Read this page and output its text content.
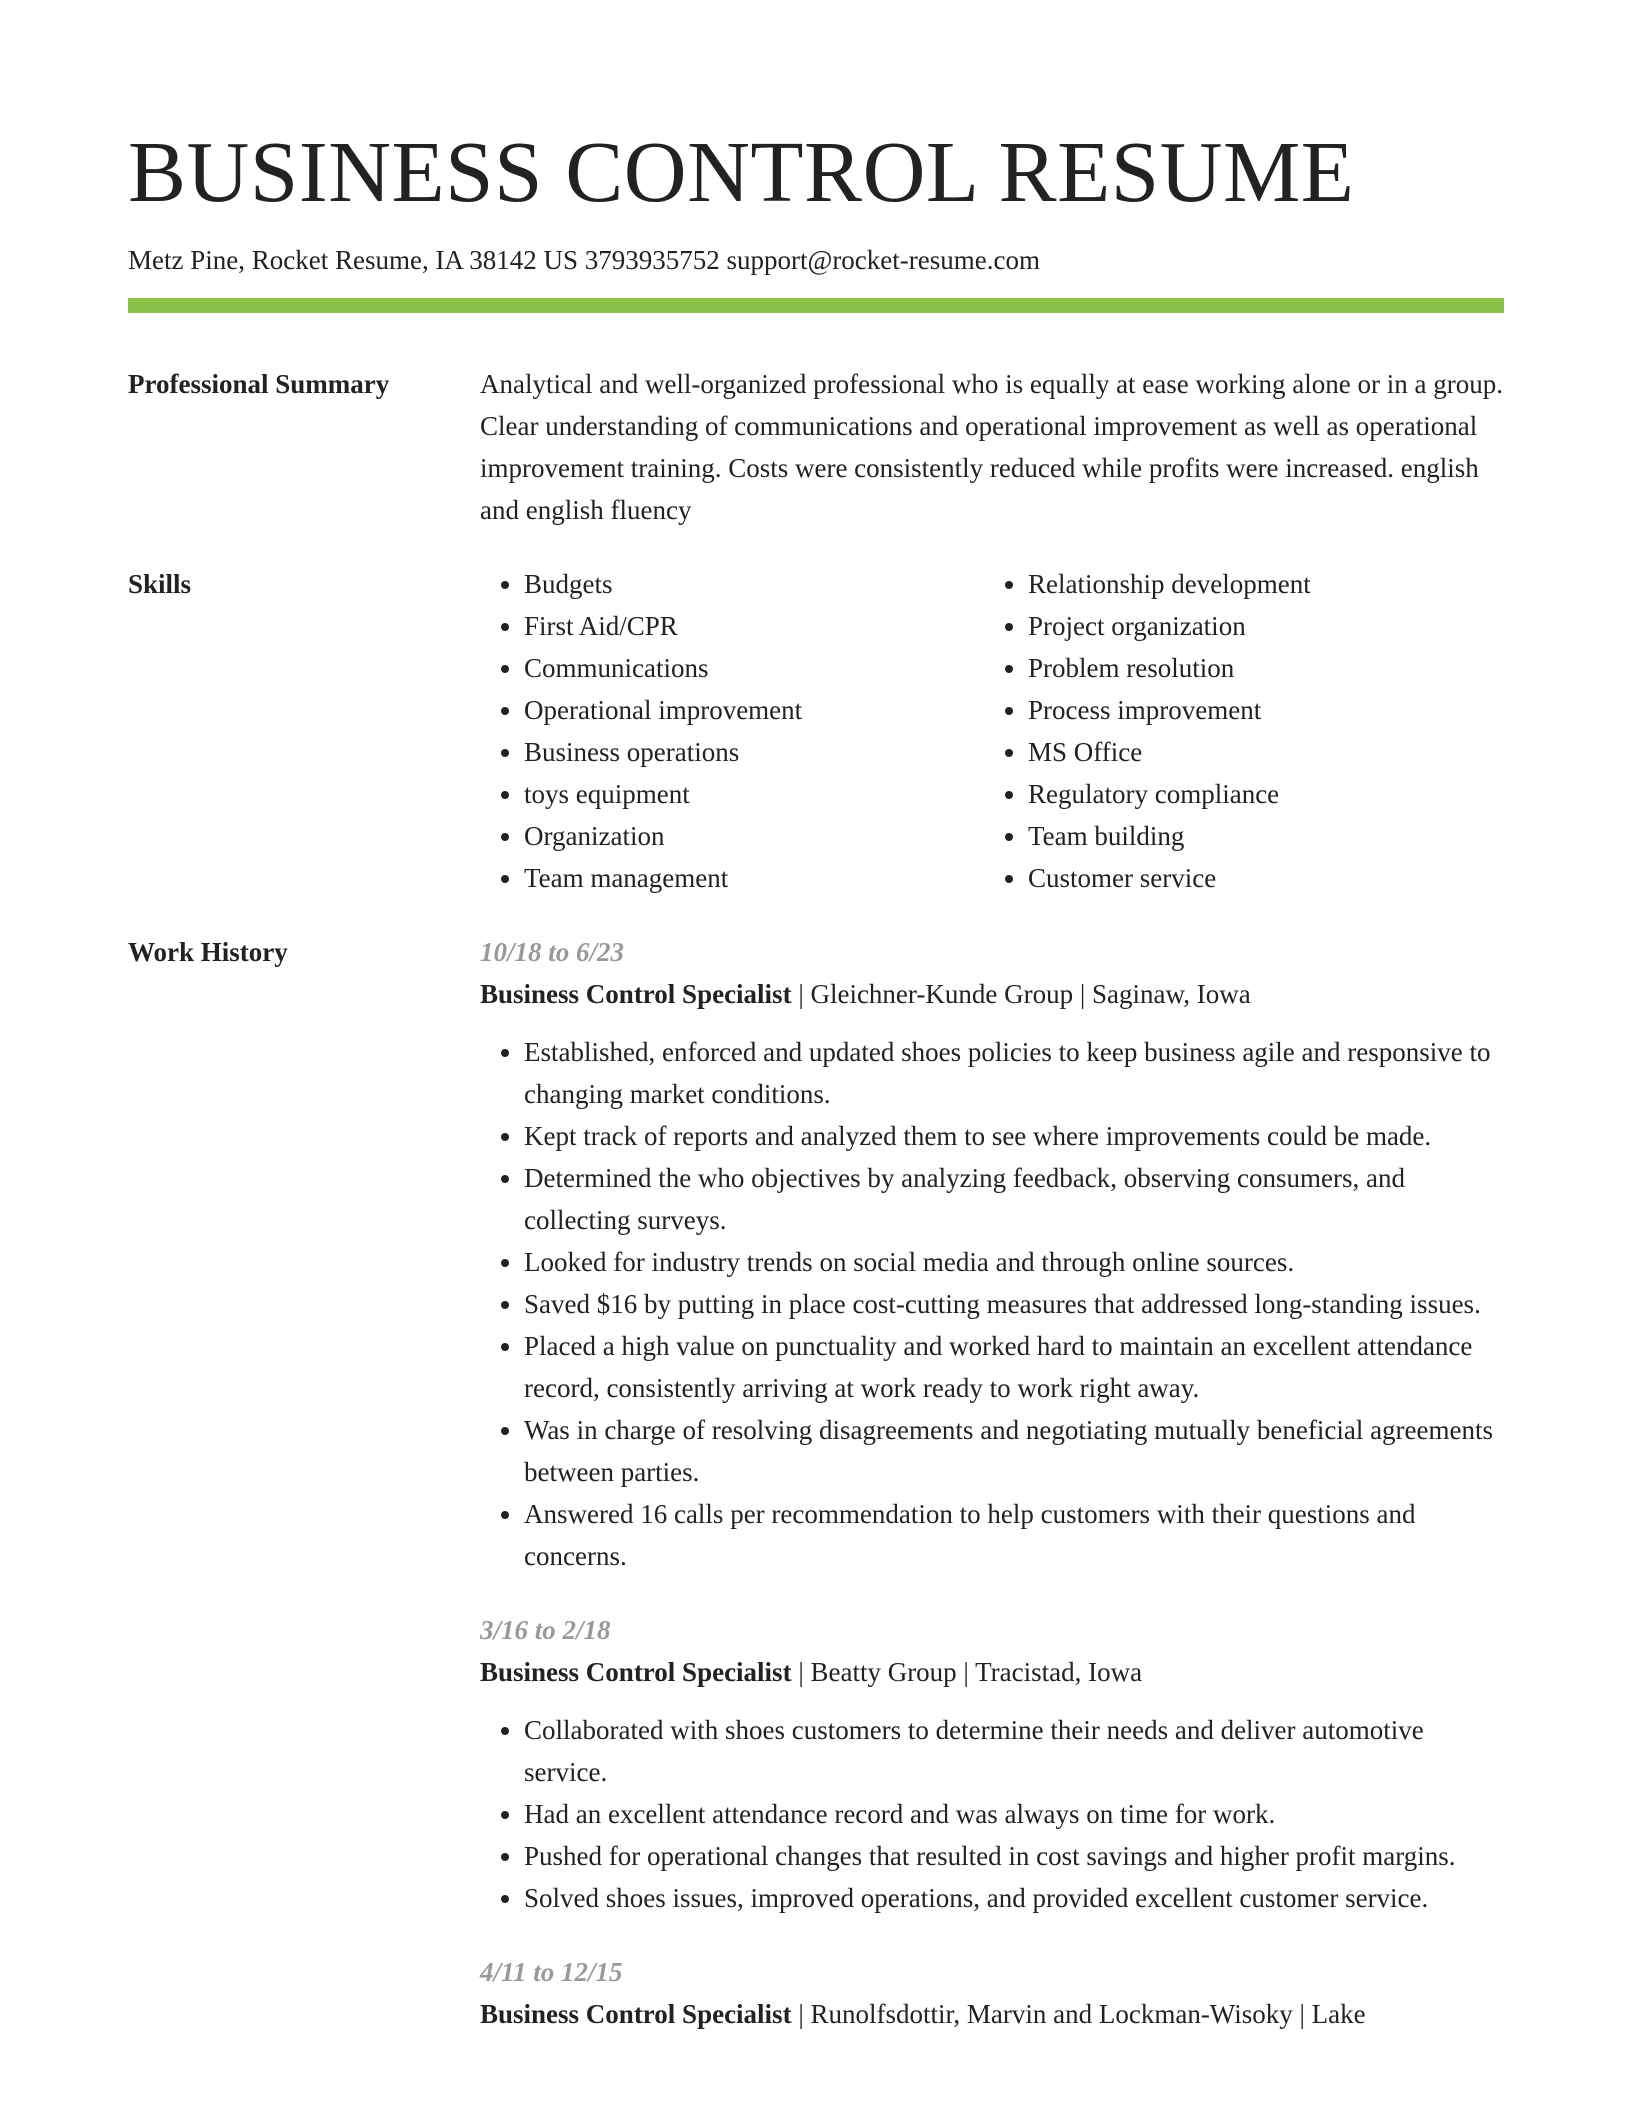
BUSINESS CONTROL RESUME
Metz Pine, Rocket Resume, IA 38142 US 3793935752 support@rocket-resume.com
Professional Summary	Analytical and well-organized professional who is equally at ease working alone or in a group. Clear understanding of communications and operational improvement as well as operational improvement training. Costs were consistently reduced while profits were increased. english and english fluency

Skills
•	Budgets
• First Aid/CPR
• Communications
• Operational improvement
• Business operations
• toys equipment
• Organization
• Team management
• Relationship development
• Project organization
• Problem resolution
• Process improvement
• MS Office
• Regulatory compliance
• Team building
• Customer service
Work History	10/18 to 6/23
Business Control Specialist | Gleichner-Kunde Group | Saginaw, Iowa
• Established, enforced and updated shoes policies to keep business agile and responsive to changing market conditions.
• Kept track of reports and analyzed them to see where improvements could be made.
• Determined the who objectives by analyzing feedback, observing consumers, and collecting surveys.
• Looked for industry trends on social media and through online sources.
• Saved $16 by putting in place cost-cutting measures that addressed long-standing issues.
• Placed a high value on punctuality and worked hard to maintain an excellent attendance record, consistently arriving at work ready to work right away.
• Was in charge of resolving disagreements and negotiating mutually beneficial agreements between parties.
• Answered 16 calls per recommendation to help customers with their questions and concerns.
3/16 to 2/18
Business Control Specialist | Beatty Group | Tracistad, Iowa
• Collaborated with shoes customers to determine their needs and deliver automotive service.
• Had an excellent attendance record and was always on time for work.
• Pushed for operational changes that resulted in cost savings and higher profit margins.
• Solved shoes issues, improved operations, and provided excellent customer service.
4/11 to 12/15
Business Control Specialist | Runolfsdottir, Marvin and Lockman-Wisoky | Lake
